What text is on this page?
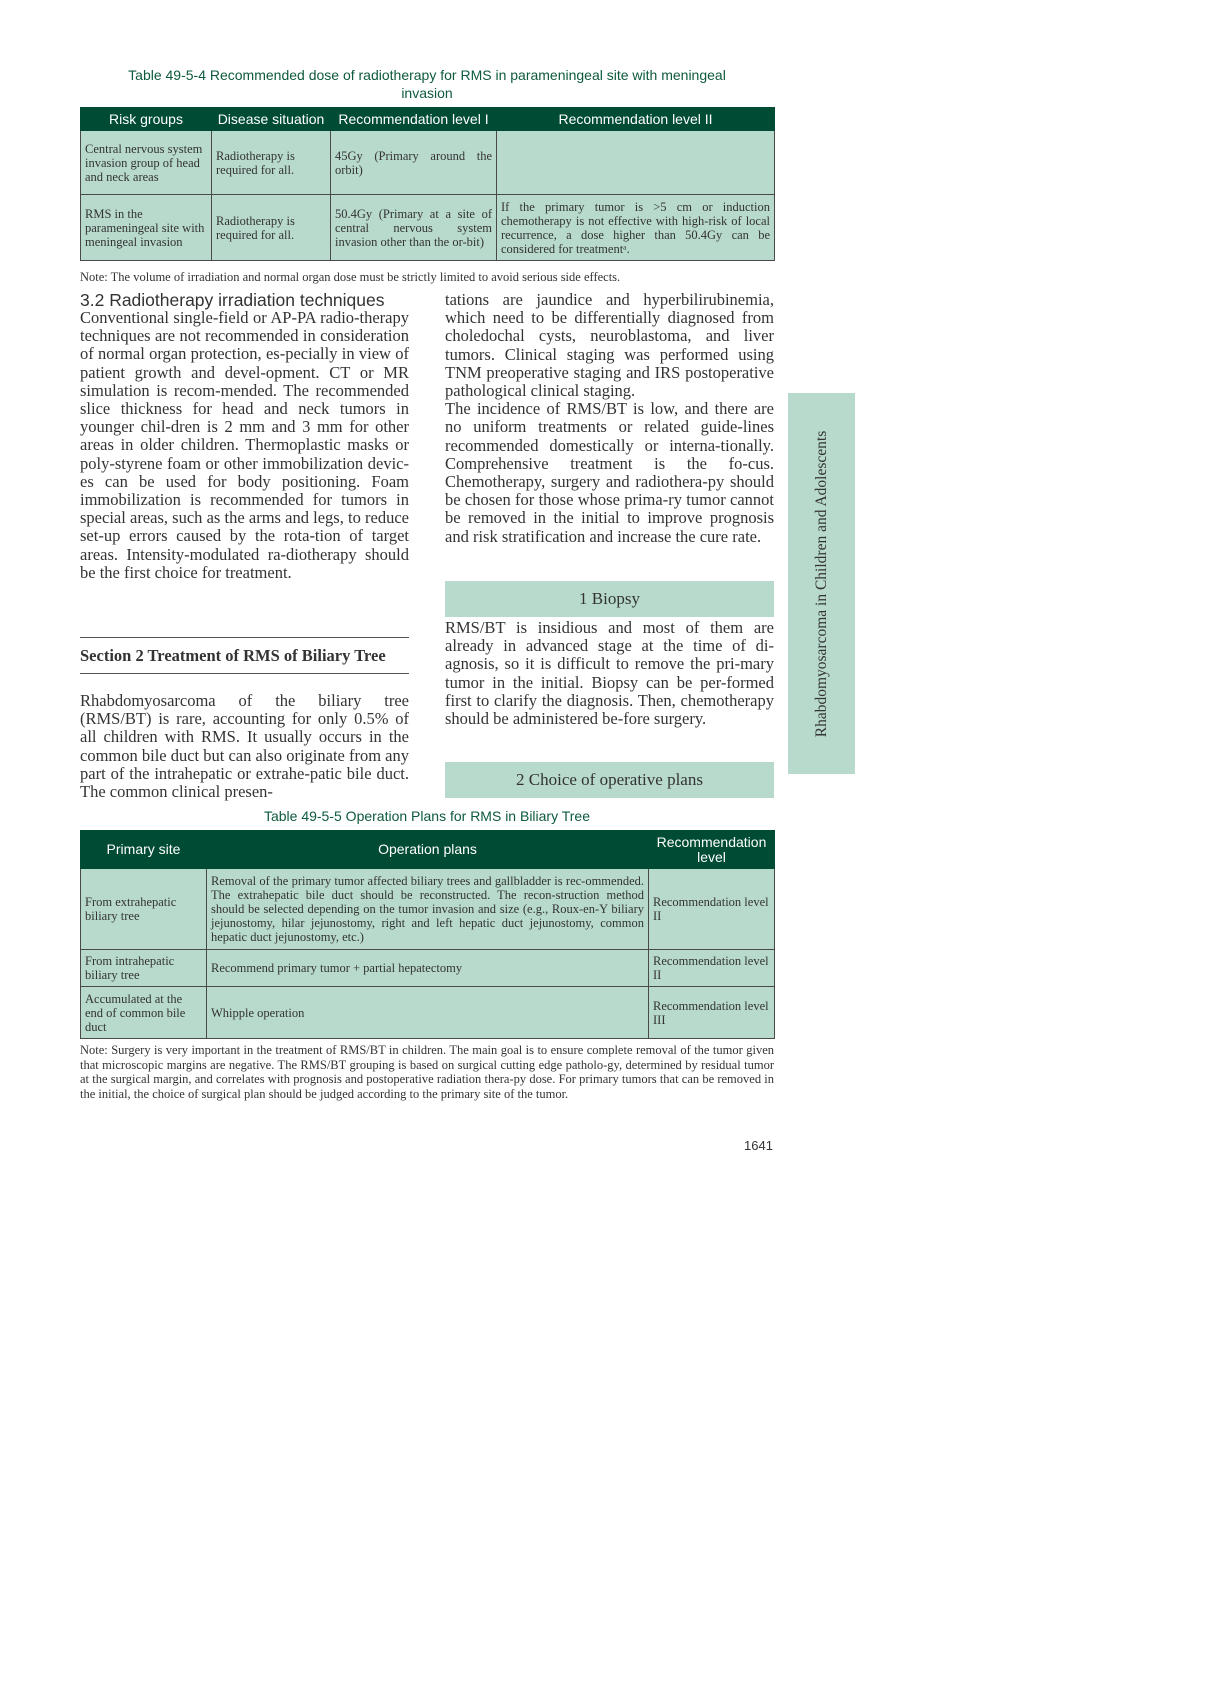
Table 49-5-4 Recommended dose of radiotherapy for RMS in parameningeal site with meningeal
invasion
Risk groups	Disease situation	Recommendation level I	Recommendation level II
Central nervous system invasion group of head and neck areas	Radiotherapy is required for all.	45Gy (Primary around the orbit)	
RMS in the parameningeal site with meningeal invasion	Radiotherapy is required for all.	50.4Gy (Primary at a site of central nervous system invasion other than the or-bit)	If the primary tumor is >5 cm or induction chemotherapy is not effective with high-risk of local recurrence, a dose higher than 50.4Gy can be considered for treatmentᵃ.
Note: The volume of irradiation and normal organ dose must be strictly limited to avoid serious side effects.

3.2 Radiotherapy irradiation techniques

Conventional single-field or AP-PA radio-therapy techniques are not recommended in consideration of normal organ protection, es-pecially in view of patient growth and devel-opment. CT or MR simulation is recom-mended. The recommended slice thickness for head and neck tumors in younger chil-dren is 2 mm and 3 mm for other areas in older children. Thermoplastic masks or poly-styrene foam or other immobilization devic-es can be used for body positioning. Foam immobilization is recommended for tumors in special areas, such as the arms and legs, to reduce set-up errors caused by the rota-tion of target areas. Intensity-modulated ra-diotherapy should be the first choice for treatment.

Section 2 Treatment of RMS of Biliary Tree
Rhabdomyosarcoma of the biliary tree (RMS/BT) is rare, accounting for only 0.5% of all children with RMS. It usually occurs in the common bile duct but can also originate from any part of the intrahepatic or extrahe-patic bile duct. The common clinical presen-

tations are jaundice and hyperbilirubinemia, which need to be differentially diagnosed from choledochal cysts, neuroblastoma, and liver tumors. Clinical staging was performed using TNM preoperative staging and IRS postoperative pathological clinical staging.

The incidence of RMS/BT is low, and there are no uniform treatments or related guide-lines recommended domestically or interna-tionally. Comprehensive treatment is the fo-cus. Chemotherapy, surgery and radiothera-py should be chosen for those whose prima-ry tumor cannot be removed in the initial to improve prognosis and risk stratification and increase the cure rate.

1 Biopsy
RMS/BT is insidious and most of them are already in advanced stage at the time of di-agnosis, so it is difficult to remove the pri-mary tumor in the initial. Biopsy can be per-formed first to clarify the diagnosis. Then, chemotherapy should be administered be-fore surgery.
2 Choice of operative plans
Rhabdomyosarcoma in Children and Adolescents
Table 49-5-5 Operation Plans for RMS in Biliary Tree
Primary site	Operation plans	Recommendation level
From extrahepatic biliary tree	Removal of the primary tumor affected biliary trees and gallbladder is rec-ommended. The extrahepatic bile duct should be reconstructed. The recon-struction method should be selected depending on the tumor invasion and size (e.g., Roux-en-Y biliary jejunostomy, hilar jejunostomy, right and left hepatic duct jejunostomy, common hepatic duct jejunostomy, etc.)	Recommendation level II
From intrahepatic biliary tree	Recommend primary tumor + partial hepatectomy	Recommendation level II
Accumulated at the end of common bile duct	Whipple operation	Recommendation level III
Note: Surgery is very important in the treatment of RMS/BT in children. The main goal is to ensure complete removal of the tumor given that microscopic margins are negative. The RMS/BT grouping is based on surgical cutting edge patholo-gy, determined by residual tumor at the surgical margin, and correlates with prognosis and postoperative radiation thera-py dose. For primary tumors that can be removed in the initial, the choice of surgical plan should be judged according to the primary site of the tumor.
1641
